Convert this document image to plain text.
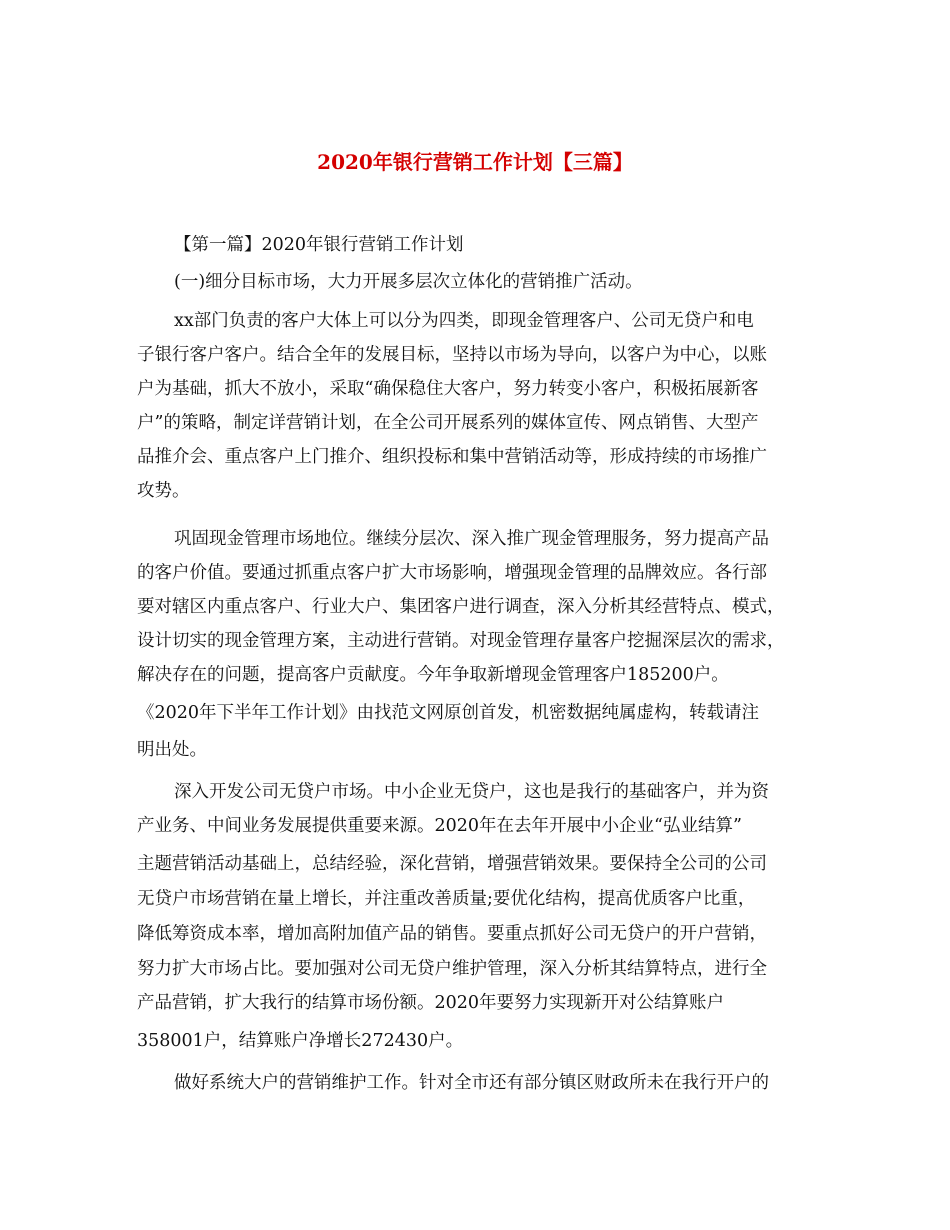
2020年银行营销工作计划【三篇】
【第一篇】2020年银行营销工作计划
(一)细分目标市场，大力开展多层次立体化的营销推广活动。
xx部门负责的客户大体上可以分为四类，即现金管理客户、公司无贷户和电
子银行客户客户。结合全年的发展目标，坚持以市场为导向，以客户为中心，以账
户为基础，抓大不放小，采取“确保稳住大客户，努力转变小客户，积极拓展新客
户”的策略，制定详营销计划，在全公司开展系列的媒体宣传、网点销售、大型产
品推介会、重点客户上门推介、组织投标和集中营销活动等，形成持续的市场推广
攻势。
巩固现金管理市场地位。继续分层次、深入推广现金管理服务，努力提高产品
的客户价值。要通过抓重点客户扩大市场影响，增强现金管理的品牌效应。各行部
要对辖区内重点客户、行业大户、集团客户进行调查，深入分析其经营特点、模式，
设计切实的现金管理方案，主动进行营销。对现金管理存量客户挖掘深层次的需求，
解决存在的问题，提高客户贡献度。今年争取新增现金管理客户185200户。
《2020年下半年工作计划》由找范文网原创首发，机密数据纯属虚构，转载请注
明出处。
深入开发公司无贷户市场。中小企业无贷户，这也是我行的基础客户，并为资
产业务、中间业务发展提供重要来源。2020年在去年开展中小企业“弘业结算”
主题营销活动基础上，总结经验，深化营销，增强营销效果。要保持全公司的公司
无贷户市场营销在量上增长，并注重改善质量;要优化结构，提高优质客户比重，
降低筹资成本率，增加高附加值产品的销售。要重点抓好公司无贷户的开户营销，
努力扩大市场占比。要加强对公司无贷户维护管理，深入分析其结算特点，进行全
产品营销，扩大我行的结算市场份额。2020年要努力实现新开对公结算账户
358001户，结算账户净增长272430户。
做好系统大户的营销维护工作。针对全市还有部分镇区财政所未在我行开户的
